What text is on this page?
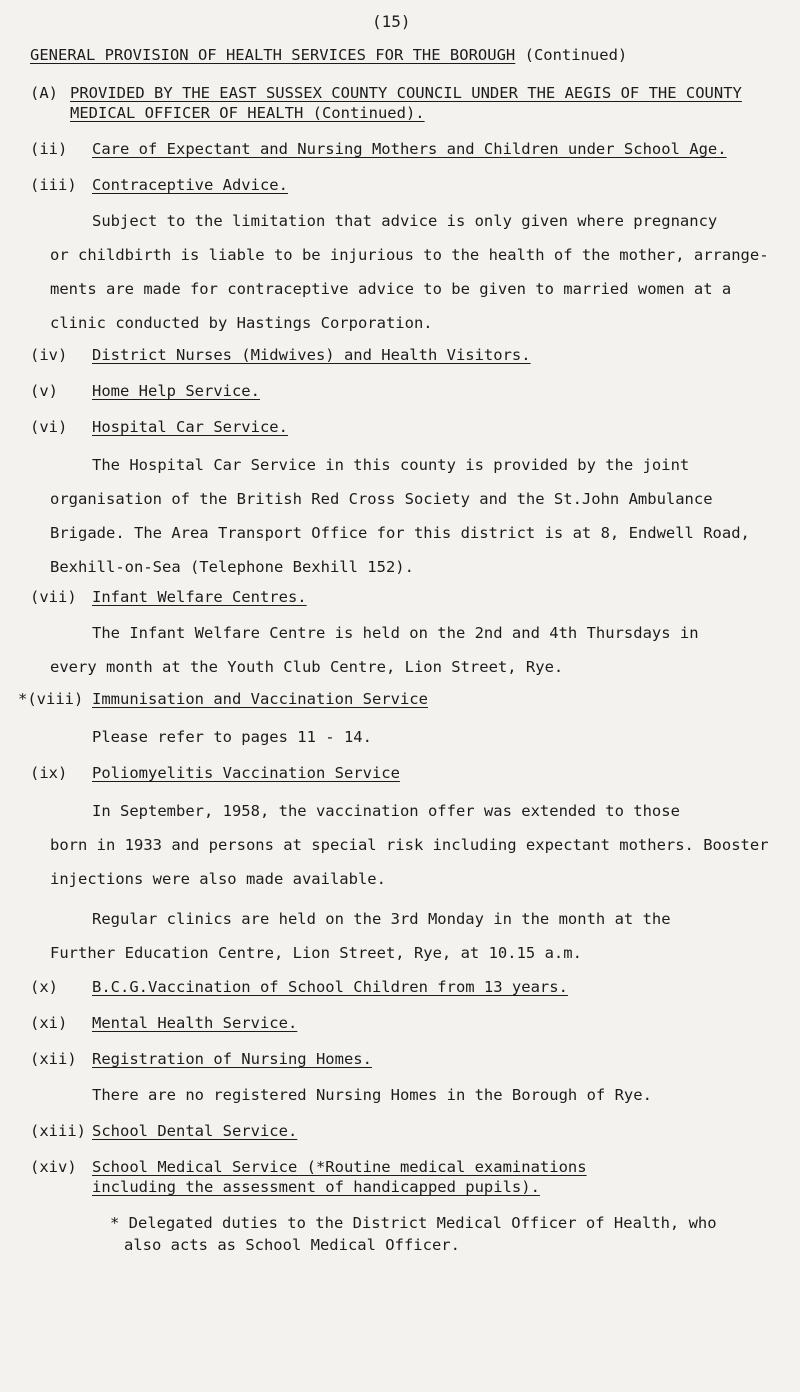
(15)
GENERAL PROVISION OF HEALTH SERVICES FOR THE BOROUGH (Continued)
(A) PROVIDED BY THE EAST SUSSEX COUNTY COUNCIL UNDER THE AEGIS OF THE COUNTY
MEDICAL OFFICER OF HEALTH (Continued).
(ii) Care of Expectant and Nursing Mothers and Children under School Age.
(iii) Contraceptive Advice.
Subject to the limitation that advice is only given where pregnancy
or childbirth is liable to be injurious to the health of the mother, arrange-
ments are made for contraceptive advice to be given to married women at a
clinic conducted by Hastings Corporation.
(iv) District Nurses (Midwives) and Health Visitors.
(v) Home Help Service.
(vi) Hospital Car Service.
The Hospital Car Service in this county is provided by the joint
organisation of the British Red Cross Society and the St.John Ambulance
Brigade. The Area Transport Office for this district is at 8, Endwell Road,
Bexhill-on-Sea (Telephone Bexhill 152).
(vii) Infant Welfare Centres.
The Infant Welfare Centre is held on the 2nd and 4th Thursdays in
every month at the Youth Club Centre, Lion Street, Rye.
*(viii) Immunisation and Vaccination Service
Please refer to pages 11 - 14.
(ix) Poliomyelitis Vaccination Service
In September, 1958, the vaccination offer was extended to those
born in 1933 and persons at special risk including expectant mothers. Booster
injections were also made available.
Regular clinics are held on the 3rd Monday in the month at the
Further Education Centre, Lion Street, Rye, at 10.15 a.m.
(x) B.C.G.Vaccination of School Children from 13 years.
(xi) Mental Health Service.
(xii) Registration of Nursing Homes.
There are no registered Nursing Homes in the Borough of Rye.
(xiii) School Dental Service.
(xiv) School Medical Service (*Routine medical examinations
including the assessment of handicapped pupils).
* Delegated duties to the District Medical Officer of Health, who
also acts as School Medical Officer.
